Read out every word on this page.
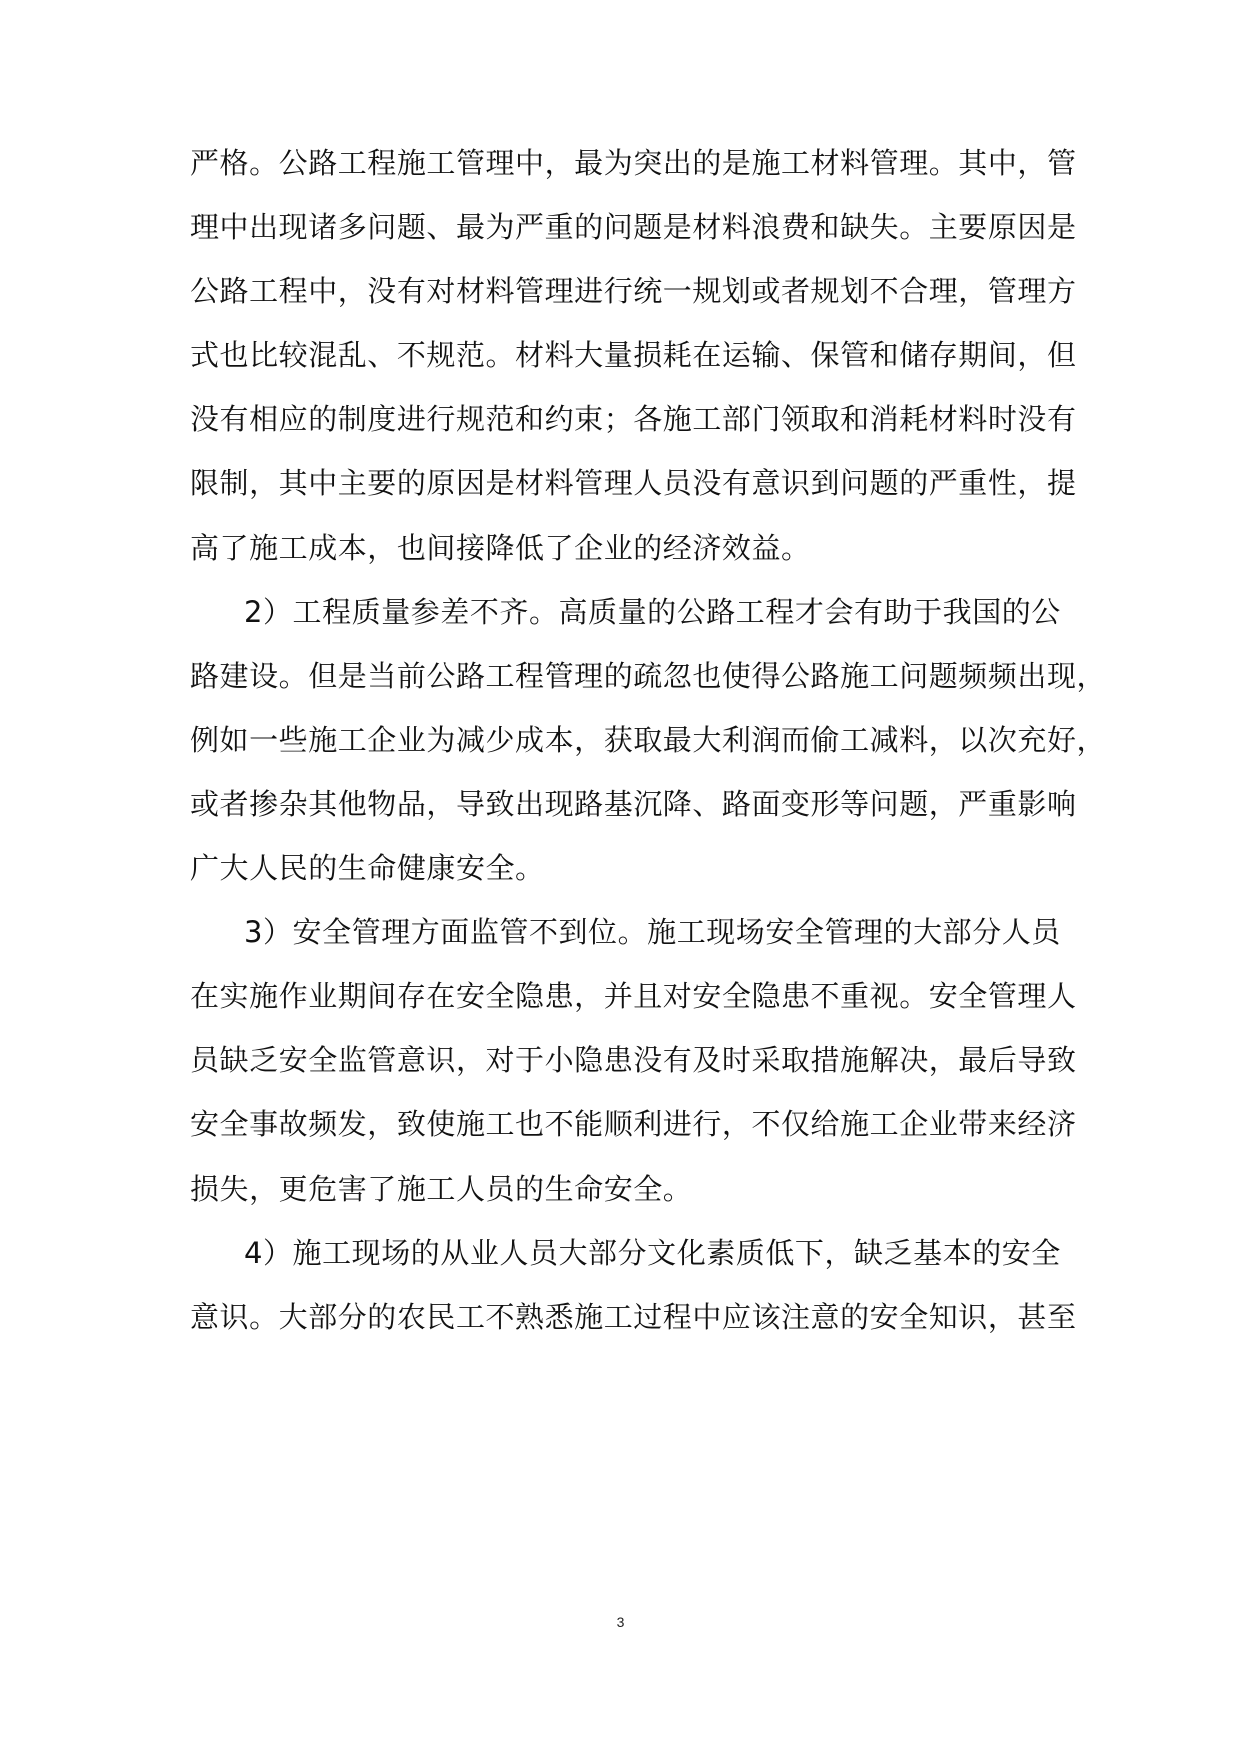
严格。公路工程施工管理中，最为突出的是施工材料管理。其中，管
理中出现诸多问题、最为严重的问题是材料浪费和缺失。主要原因是
公路工程中，没有对材料管理进行统一规划或者规划不合理，管理方
式也比较混乱、不规范。材料大量损耗在运输、保管和储存期间，但
没有相应的制度进行规范和约束；各施工部门领取和消耗材料时没有
限制，其中主要的原因是材料管理人员没有意识到问题的严重性，提
高了施工成本，也间接降低了企业的经济效益。
2）工程质量参差不齐。高质量的公路工程才会有助于我国的公
路建设。但是当前公路工程管理的疏忽也使得公路施工问题频频出现，
例如一些施工企业为减少成本，获取最大利润而偷工减料，以次充好，
或者掺杂其他物品，导致出现路基沉降、路面变形等问题，严重影响
广大人民的生命健康安全。
3）安全管理方面监管不到位。施工现场安全管理的大部分人员
在实施作业期间存在安全隐患，并且对安全隐患不重视。安全管理人
员缺乏安全监管意识，对于小隐患没有及时采取措施解决，最后导致
安全事故频发，致使施工也不能顺利进行，不仅给施工企业带来经济
损失，更危害了施工人员的生命安全。
4）施工现场的从业人员大部分文化素质低下，缺乏基本的安全
意识。大部分的农民工不熟悉施工过程中应该注意的安全知识，甚至
3
